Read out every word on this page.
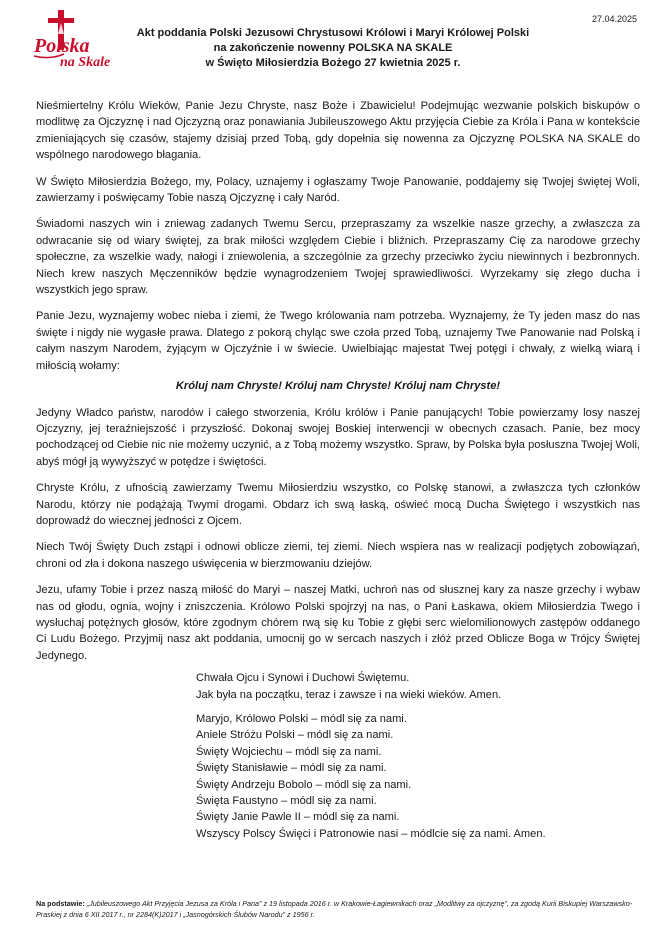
Polska
na Skale
27.04.2025
Akt poddania Polski Jezusowi Chrystusowi Królowi i Maryi Królowej Polski
na zakończenie nowenny POLSKA NA SKALE
w Święto Miłosierdzia Bożego 27 kwietnia 2025 r.

Nieśmiertelny Królu Wieków, Panie Jezu Chryste, nasz Boże i Zbawicielu! Podejmując wezwanie polskich biskupów o modlitwę za Ojczyznę i nad Ojczyzną oraz ponawiania Jubileuszowego Aktu przyjęcia Ciebie za Króla i Pana w kontekście zmieniających się czasów, stajemy dzisiaj przed Tobą, gdy dopełnia się nowenna za Ojczyznę POLSKA NA SKALE do wspólnego narodowego błagania.

W Święto Miłosierdzia Bożego, my, Polacy, uznajemy i ogłaszamy Twoje Panowanie, poddajemy się Twojej świętej Woli, zawierzamy i poświęcamy Tobie naszą Ojczyznę i cały Naród.

Świadomi naszych win i zniewag zadanych Twemu Sercu, przepraszamy za wszelkie nasze grzechy, a zwłaszcza za odwracanie się od wiary świętej, za brak miłości względem Ciebie i bliźnich. Przepraszamy Cię za narodowe grzechy społeczne, za wszelkie wady, nałogi i zniewolenia, a szczególnie za grzechy przeciwko życiu niewinnych i bezbronnych. Niech krew naszych Męczenników będzie wynagrodzeniem Twojej sprawiedliwości. Wyrzekamy się złego ducha i wszystkich jego spraw.

Panie Jezu, wyznajemy wobec nieba i ziemi, że Twego królowania nam potrzeba. Wyznajemy, że Ty jeden masz do nas święte i nigdy nie wygasłe prawa. Dlatego z pokorą chyląc swe czoła przed Tobą, uznajemy Twe Panowanie nad Polską i całym naszym Narodem, żyjącym w Ojczyźnie i w świecie. Uwielbiając majestat Twej potęgi i chwały, z wielką wiarą i miłością wołamy:

Króluj nam Chryste! Króluj nam Chryste! Króluj nam Chryste!

Jedyny Władco państw, narodów i całego stworzenia, Królu królów i Panie panujących! Tobie powierzamy losy naszej Ojczyzny, jej teraźniejszość i przyszłość. Dokonaj swojej Boskiej interwencji w obecnych czasach. Panie, bez mocy pochodzącej od Ciebie nic nie możemy uczynić, a z Tobą możemy wszystko. Spraw, by Polska była posłuszna Twojej Woli, abyś mógł ją wywyższyć w potędze i świętości.

Chryste Królu, z ufnością zawierzamy Twemu Miłosierdziu wszystko, co Polskę stanowi, a zwłaszcza tych członków Narodu, którzy nie podążają Twymi drogami. Obdarz ich swą łaską, oświeć mocą Ducha Świętego i wszystkich nas doprowadź do wiecznej jedności z Ojcem.

Niech Twój Święty Duch zstąpi i odnowi oblicze ziemi, tej ziemi. Niech wspiera nas w realizacji podjętych zobowiązań, chroni od zła i dokona naszego uświęcenia w bierzmowaniu dziejów.

Jezu, ufamy Tobie i przez naszą miłość do Maryi – naszej Matki, uchroń nas od słusznej kary za nasze grzechy i wybaw nas od głodu, ognia, wojny i zniszczenia. Królowo Polski spojrzyj na nas, o Pani Łaskawa, okiem Miłosierdzia Twego i wysłuchaj potężnych głosów, które zgodnym chórem rwą się ku Tobie z głębi serc wielomilionowych zastępów oddanego Ci Ludu Bożego. Przyjmij nasz akt poddania, umocnij go w sercach naszych i złóż przed Oblicze Boga w Trójcy Świętej Jedynego.

Chwała Ojcu i Synowi i Duchowi Świętemu.
Jak była na początku, teraz i zawsze i na wieki wieków. Amen.
Maryjo, Królowo Polski – módl się za nami.
Aniele Stróżu Polski – módl się za nami.
Święty Wojciechu – módl się za nami.
Święty Stanisławie – módl się za nami.
Święty Andrzeju Bobolo – módl się za nami.
Święta Faustyno – módl się za nami.
Święty Janie Pawle II – módl się za nami.
Wszyscy Polscy Święci i Patronowie nasi – módlcie się za nami. Amen.
Na podstawie: „Jubileuszowego Akt Przyjęcia Jezusa za Króla i Pana” z 19 listopada 2016 r. w Krakowie-Łagiewnikach oraz „Modlitwy za ojczyznę”, za zgodą Kurii Biskupiej Warszawsko-Praskiej z dnia 6 XII 2017 r., nr 2284(K)2017 i „Jasnogórskich Ślubów Narodu” z 1956 r.
